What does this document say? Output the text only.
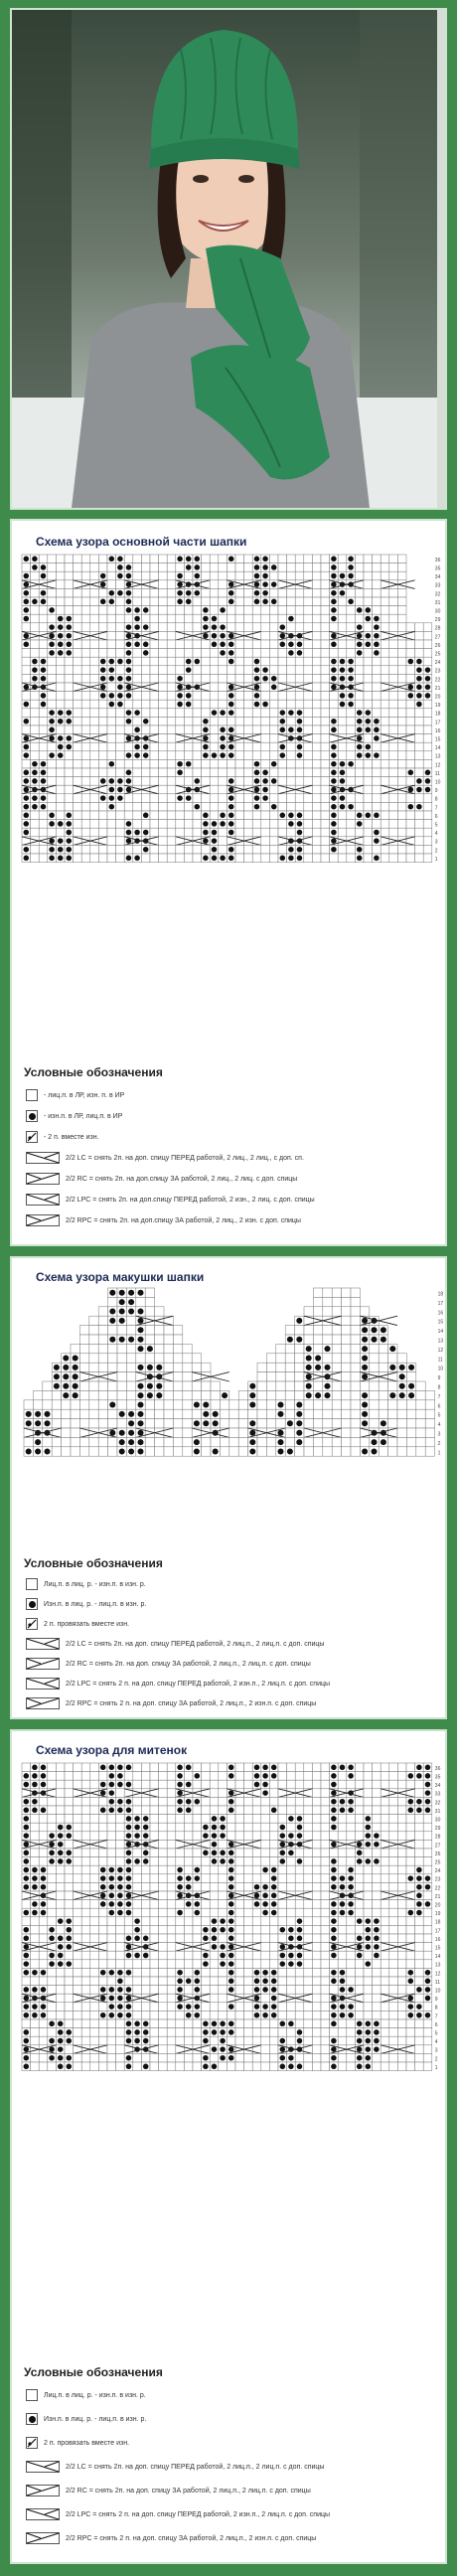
Схема узора основной части шапки
36
35
34
33
32
31
30
29
28
27
26
25
24
23
22
21
20
19
18
17
16
15
14
13
12
11
10
9
8
7
6
5
4
3
2
1
Условные обозначения
- лиц.п. в ЛР, изн. п. в ИР
- изн.п. в ЛР, лиц.п. в ИР
- 2 п. вместе изн.
2/2 LC = снять 2п. на доп. спицу ПЕРЕД работой, 2 лиц., 2 лиц., с доп. сп.
2/2 RC = снять 2п. на доп.спицу ЗА работой, 2 лиц., 2 лиц. с доп. спицы
2/2 LPC = снять 2п. на доп.спицу ПЕРЕД работой, 2 изн., 2 лиц. с доп. спицы
2/2 RPC = снять 2п. на доп.спицу ЗА работой, 2 лиц., 2 изн. с доп. спицы
Схема узора макушки шапки
18
17
16
15
14
13
12
11
10
9
8
7
6
5
4
3
2
1
Условные обозначения
Лиц.п. в лиц. р. - изн.п. в изн. р.
Изн.п. в лиц. р. - лиц.п. в изн. р.
2 п. провязать вместе изн.
2/2 LC = снять 2п. на доп. спицу ПЕРЕД работой, 2 лиц.п., 2 лиц.п. с доп. спицы
2/2 RC = снять 2п. на доп. спицу ЗА работой, 2 лиц.п., 2 лиц.п. с доп. спицы
2/2 LPC = снять 2 п. на доп. спицу ПЕРЕД работой, 2 изн.п., 2 лиц.п. с доп. спицы
2/2 RPC = снять 2 п. на доп. спицу ЗА работой, 2 лиц.п., 2 изн.п. с доп. спицы
Схема узора для митенок
36
35
34
33
32
31
30
29
28
27
26
25
24
23
22
21
20
19
18
17
16
15
14
13
12
11
10
9
8
7
6
5
4
3
2
1
Условные обозначения
Лиц.п. в лиц. р. - изн.п. в изн. р.
Изн.п. в лиц. р. - лиц.п. в изн. р.
2 п. провязать вместе изн.
2/2 LC = снять 2п. на доп. спицу ПЕРЕД работой, 2 лиц.п., 2 лиц.п. с доп. спицы
2/2 RC = снять 2п. на доп. спицу ЗА работой, 2 лиц.п., 2 лиц.п. с доп. спицы
2/2 LPC = снять 2 п. на доп. спицу ПЕРЕД работой, 2 изн.п., 2 лиц.п. с доп. спицы
2/2 RPC = снять 2 п. на доп. спицу ЗА работой, 2 лиц.п., 2 изн.п. с доп. спицы
